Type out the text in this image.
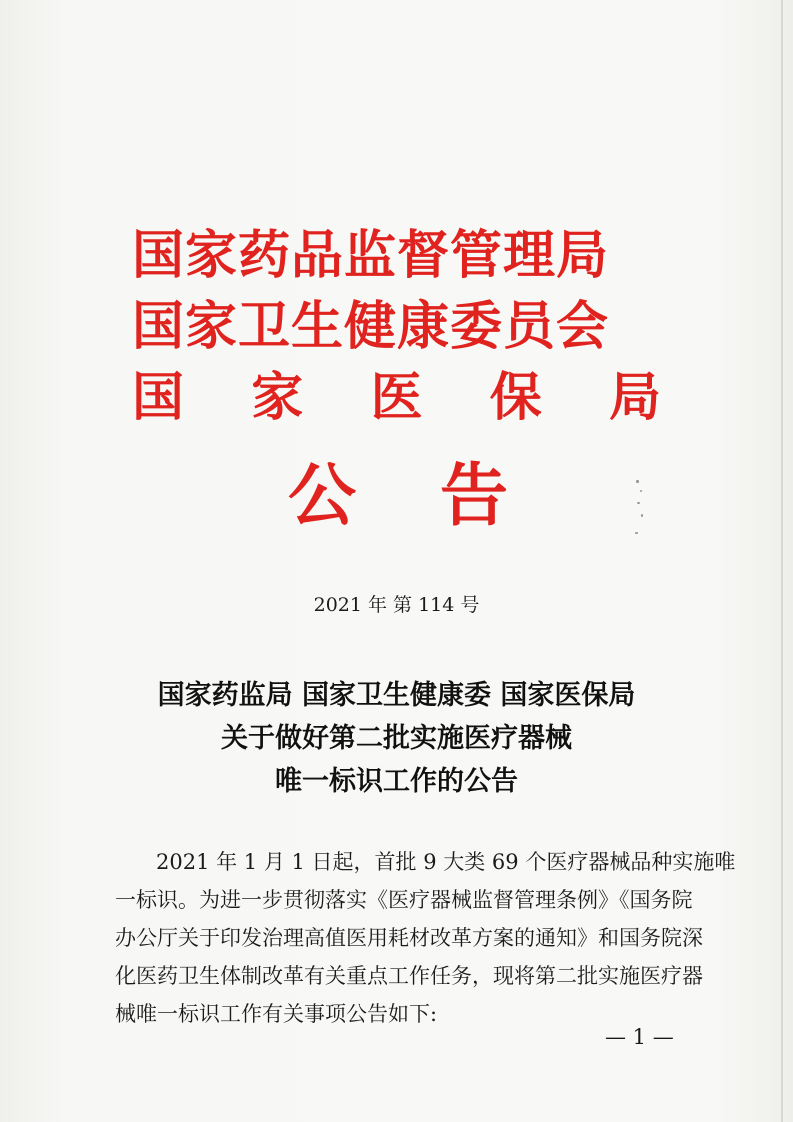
国家药品监督管理局
国家卫生健康委员会
国 家 医 保 局
公 告
2021 年 第 114 号
国家药监局 国家卫生健康委 国家医保局
关于做好第二批实施医疗器械
唯一标识工作的公告
2021 年 1 月 1 日起，首批 9 大类 69 个医疗器械品种实施唯
一标识。为进一步贯彻落实《医疗器械监督管理条例》《国务院
办公厅关于印发治理高值医用耗材改革方案的通知》和国务院深
化医药卫生体制改革有关重点工作任务，现将第二批实施医疗器
械唯一标识工作有关事项公告如下:
— 1 —
